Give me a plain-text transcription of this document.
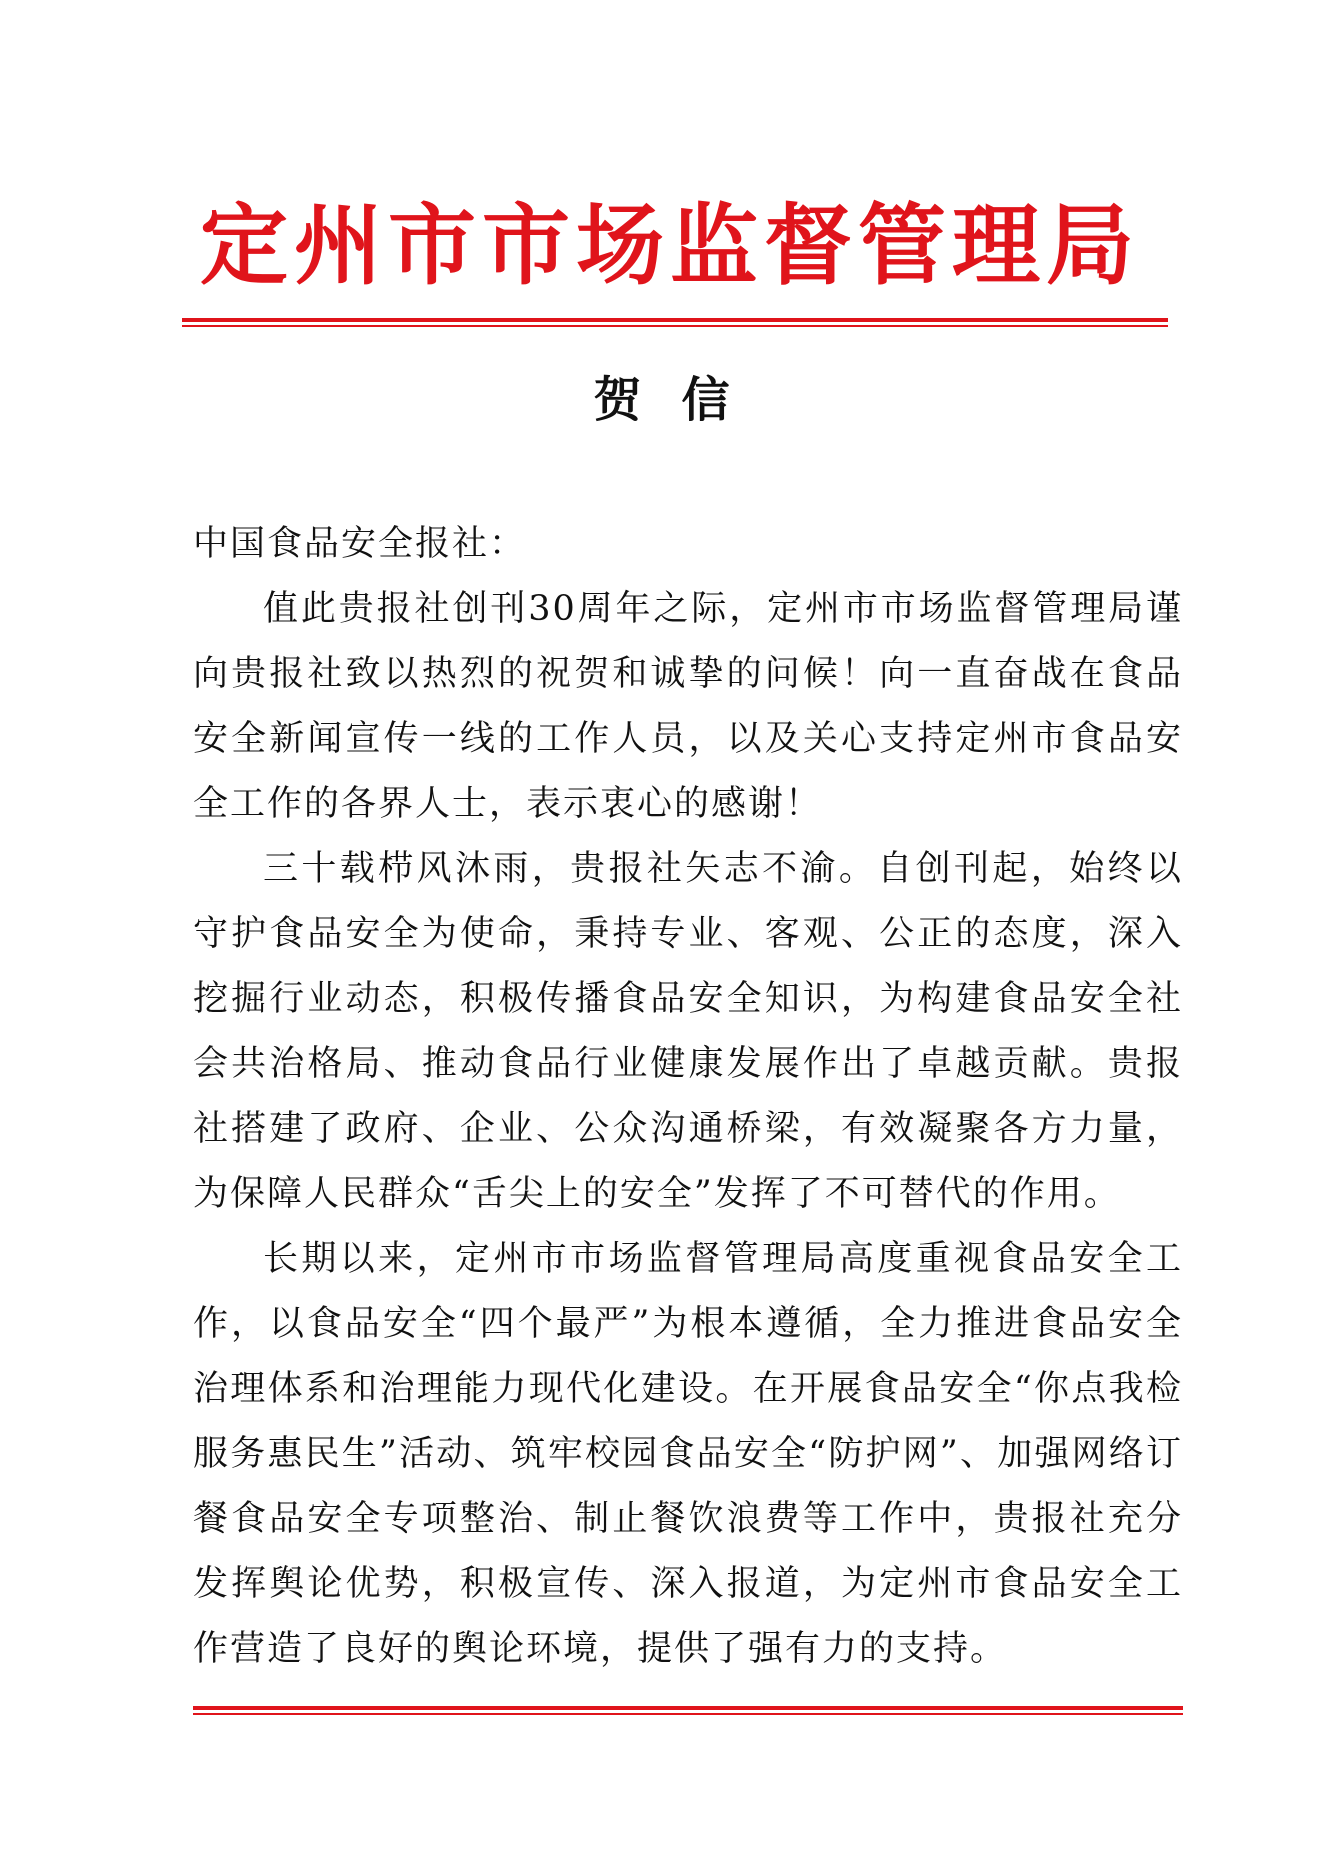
定州市市场监督管理局
贺 信

中国食品安全报社：

值此贵报社创刊30周年之际，定州市市场监督管理局谨向贵报社致以热烈的祝贺和诚挚的问候！向一直奋战在食品安全新闻宣传一线的工作人员，以及关心支持定州市食品安全工作的各界人士，表示衷心的感谢！

三十载栉风沐雨，贵报社矢志不渝。自创刊起，始终以守护食品安全为使命，秉持专业、客观、公正的态度，深入挖掘行业动态，积极传播食品安全知识，为构建食品安全社会共治格局、推动食品行业健康发展作出了卓越贡献。贵报社搭建了政府、企业、公众沟通桥梁，有效凝聚各方力量，为保障人民群众“舌尖上的安全”发挥了不可替代的作用。

长期以来，定州市市场监督管理局高度重视食品安全工作，以食品安全“四个最严”为根本遵循，全力推进食品安全治理体系和治理能力现代化建设。在开展食品安全“你点我检 服务惠民生”活动、筑牢校园食品安全“防护网”、加强网络订餐食品安全专项整治、制止餐饮浪费等工作中，贵报社充分发挥舆论优势，积极宣传、深入报道，为定州市食品安全工作营造了良好的舆论环境，提供了强有力的支持。
